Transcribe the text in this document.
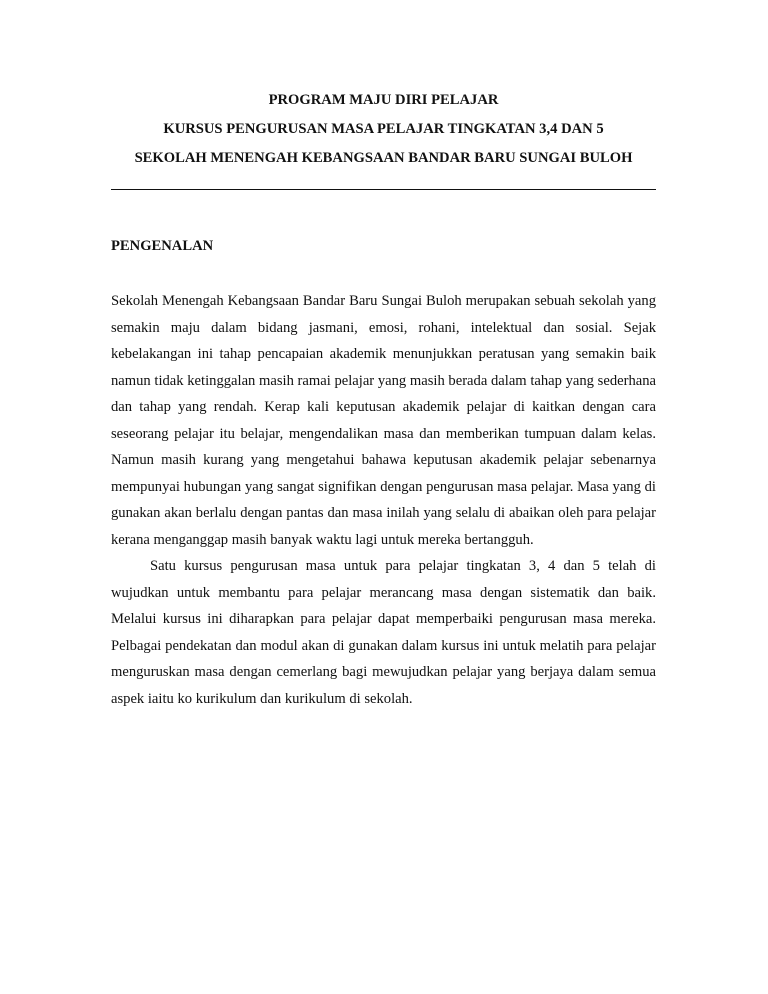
PROGRAM MAJU DIRI PELAJAR
KURSUS PENGURUSAN MASA PELAJAR TINGKATAN 3,4 DAN 5
SEKOLAH MENENGAH KEBANGSAAN BANDAR BARU SUNGAI BULOH
PENGENALAN

Sekolah Menengah Kebangsaan Bandar Baru Sungai Buloh merupakan sebuah sekolah yang semakin maju dalam bidang jasmani, emosi, rohani, intelektual dan sosial. Sejak kebelakangan ini tahap pencapaian akademik menunjukkan peratusan yang semakin baik namun tidak ketinggalan masih ramai pelajar yang masih berada dalam tahap yang sederhana dan tahap yang rendah. Kerap kali keputusan akademik pelajar di kaitkan dengan cara seseorang pelajar itu belajar, mengendalikan masa dan memberikan tumpuan dalam kelas. Namun masih kurang yang mengetahui bahawa keputusan akademik pelajar sebenarnya mempunyai hubungan yang sangat signifikan dengan pengurusan masa pelajar. Masa yang di gunakan akan berlalu dengan pantas dan masa inilah yang selalu di abaikan oleh para pelajar kerana menganggap masih banyak waktu lagi untuk mereka bertangguh.

Satu kursus pengurusan masa untuk para pelajar tingkatan 3, 4 dan 5 telah di wujudkan untuk membantu para pelajar merancang masa dengan sistematik dan baik. Melalui kursus ini diharapkan para pelajar dapat memperbaiki pengurusan masa mereka. Pelbagai pendekatan dan modul akan di gunakan dalam kursus ini untuk melatih para pelajar menguruskan masa dengan cemerlang bagi mewujudkan pelajar yang berjaya dalam semua aspek iaitu ko kurikulum dan kurikulum di sekolah.
